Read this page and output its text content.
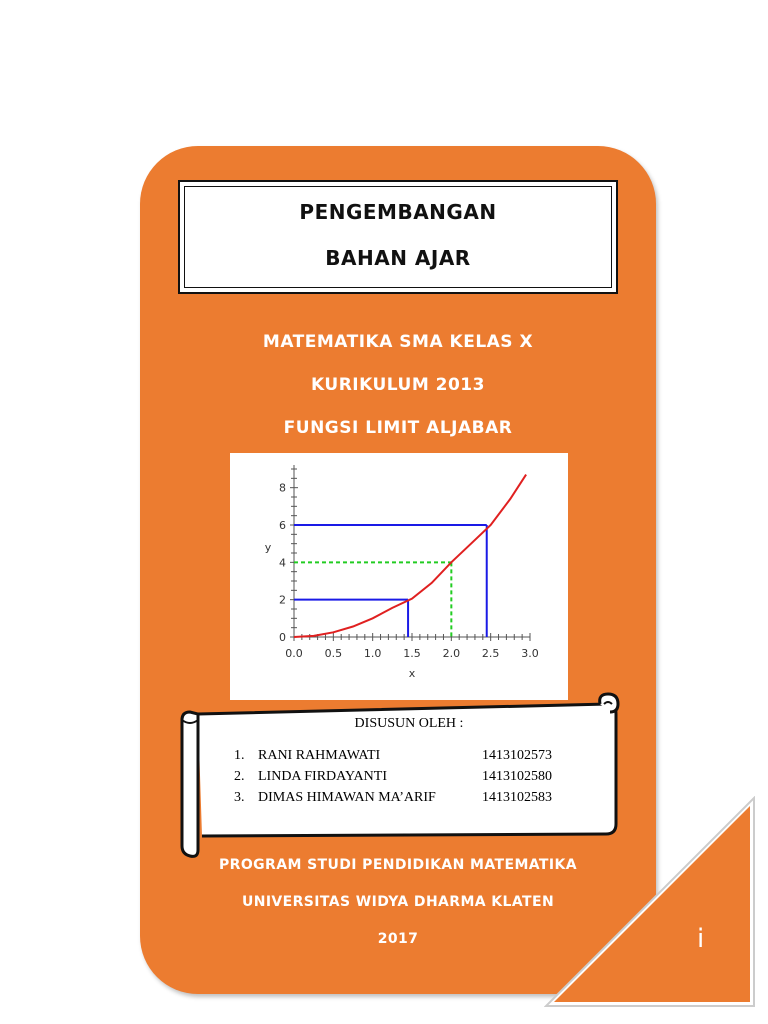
PENGEMBANGAN
BAHAN AJAR
MATEMATIKA SMA KELAS X
KURIKULUM 2013
FUNGSI LIMIT ALJABAR
0.0 0.5 1.0 1.5 2.0 2.5 3.0
0
2
4
6
8
x
y
DISUSUN OLEH :
1. RANI RAHMAWATI	1413102573
2. LINDA FIRDAYANTI	1413102580
3. DIMAS HIMAWAN MA’ARIF	1413102583
PROGRAM STUDI PENDIDIKAN MATEMATIKA
UNIVERSITAS WIDYA DHARMA KLATEN
2017	i
